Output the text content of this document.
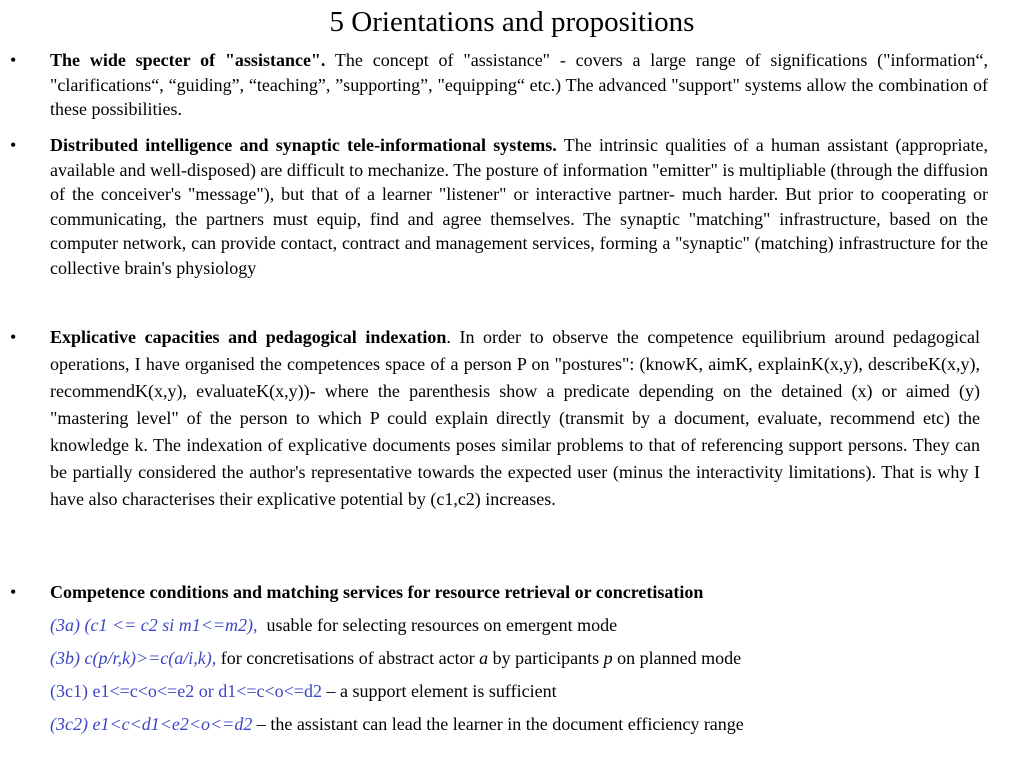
5 Orientations and propositions
• The wide specter of "assistance". The concept of "assistance" - covers a large range of significations ("information“, "clarifications“, “guiding”, “teaching”, ”supporting”, "equipping“ etc.) The advanced "support" systems allow the combination of these possibilities.
• Distributed intelligence and synaptic tele-informational systems. The intrinsic qualities of a human assistant (appropriate, available and well-disposed) are difficult to mechanize. The posture of information "emitter" is multipliable (through the diffusion of the conceiver's "message"), but that of a learner "listener" or interactive partner- much harder. But prior to cooperating or communicating, the partners must equip, find and agree themselves. The synaptic "matching" infrastructure, based on the computer network, can provide contact, contract and management services, forming a "synaptic" (matching) infrastructure for the collective brain's physiology
• Explicative capacities and pedagogical indexation. In order to observe the competence equilibrium around pedagogical operations, I have organised the competences space of a person P on "postures": (knowK, aimK, explainK(x,y), describeK(x,y), recommendK(x,y), evaluateK(x,y))- where the parenthesis show a predicate depending on the detained (x) or aimed (y) "mastering level" of the person to which P could explain directly (transmit by a document, evaluate, recommend etc) the knowledge k. The indexation of explicative documents poses similar problems to that of referencing support persons. They can be partially considered the author's representative towards the expected user (minus the interactivity limitations). That is why I have also characterises their explicative potential by (c1,c2) increases.
• Competence conditions and matching services for resource retrieval or concretisation
(3a) (c1 <= c2 si m1<=m2), usable for selecting resources on emergent mode
(3b) c(p/r,k)>=c(a/i,k), for concretisations of abstract actor a by participants p on planned mode
(3c1) e1<=c<o<=e2 or d1<=c<o<=d2 – a support element is sufficient
(3c2) e1<c<d1<e2<o<=d2 – the assistant can lead the learner in the document efficiency range
